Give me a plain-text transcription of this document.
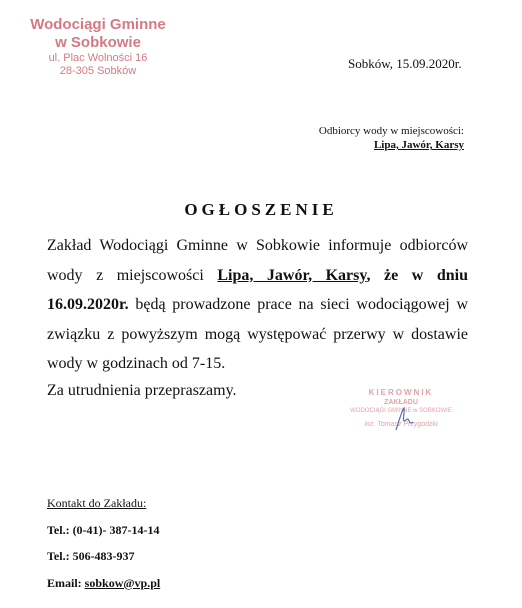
Wodociągi Gminne
w Sobkowie
ul. Plac Wolności 16
28-305 Sobków	Sobków, 15.09.2020r.
Odbiorcy wody w miejscowości:
Lipa, Jawór, Karsy
OGŁOSZENIE
Zakład Wodociągi Gminne w Sobkowie informuje odbiorców wody z miejscowości Lipa, Jawór, Karsy, że w dniu 16.09.2020r. będą prowadzone prace na sieci wodociągowej w związku z powyższym mogą występować przerwy w dostawie wody w godzinach od 7-15.
Za utrudnienia przepraszamy.	KIEROWNIK
ZAKŁADU
WODOCIĄGI GMINNE w SOBKOWIE
inż. Tomasz Przygodzki
Kontakt do Zakładu:
Tel.: (0-41)- 387-14-14
Tel.: 506-483-937
Email: sobkow@vp.pl
